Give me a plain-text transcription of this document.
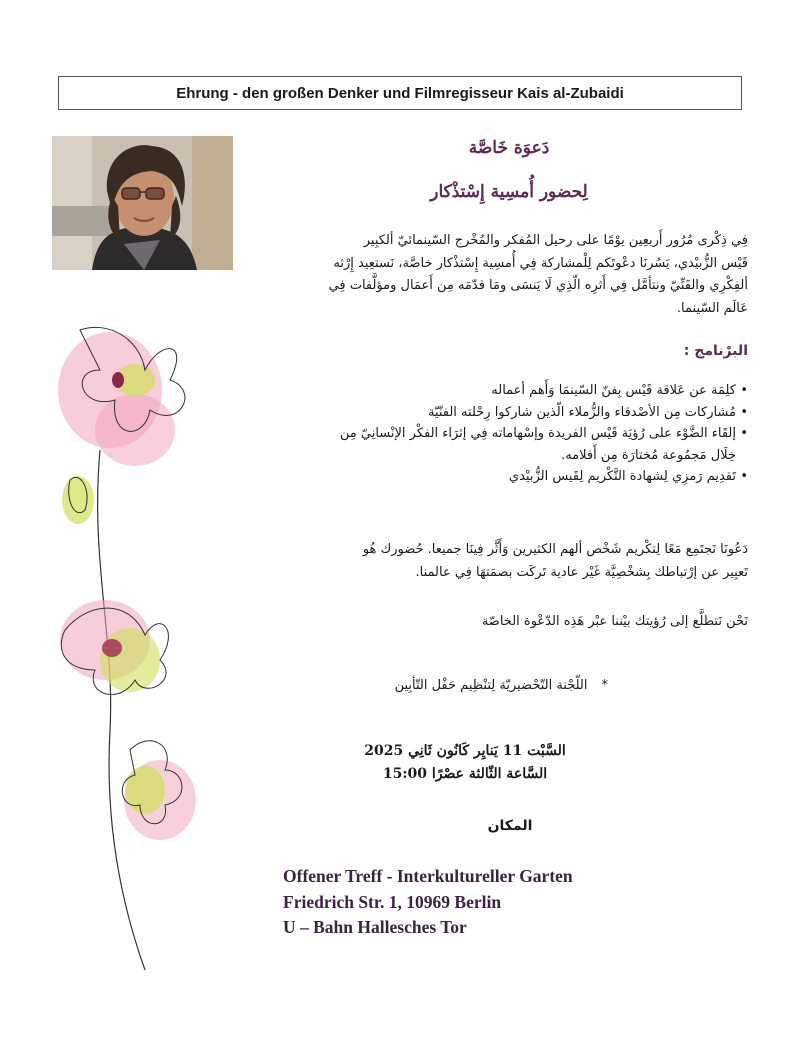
Ehrung - den großen Denker und Filmregisseur Kais al-Zubaidi
دَعوَة خَاصَّة
لِحضور أُمسِية إِسْتذْكار
فِي ذِكْرى مُرُور أَربعِين يوْمًا على رحيل المُفكر والمُخْرج السّينمائيّ ألكبِير
قَيْس الزُّبيْدي، يَسُرنَا دعْوتَكم لِلْمشاركة فِي أُمسِية إِسْتذْكار خاصَّة، نَستعِيد إِرْثه
ألفِكْرِي والفَنِّيّ ونتأمَّل فِي أَثرِه الّذِي لَا يَنسَى ومَا قدّمَه مِن أَعمَال ومؤلَّفات فِي
عَالَم السّينما.
البرْنامج :
•
كلِمَة عن عَلاقة قَيْس بِفنّ السّينمَا وَأَهم أعماله
•
مُشاركات مِن الأصْدقاء والزُّملاء الّذين شاركوا رِحْلته الفنّيّة
•
إلقَاء الضَّوْء على رُؤيَة قَيْس الفريدة وإسْهاماته فِي إثرَاء الفكْر الإنْسانِيّ مِن
خِلَال مَجمُوعة مُختارَة مِن أَفلامه.
•
تَقدِيم رَمزِي لِشهادة التَّكْريم لِقَيس الزُّبيْدي
دَعُونَا نَجتَمِع مَعًا لِتكْريم شَخْص ألهم الكثيرين وَأَثَّر فِينَا جميعا. حُضورك هُو
تَعبِير عن إرْتباطك بِشخْصِيَّة غَيْر عادية تَركَت بصمَتهَا فِي عالمنا.
نَحْن نَتطلَّع إلى رُؤيتك بيْننا عبْر هَذِه الدّعْوة الخاصّة
*اللّجْنة التّحْضيريّة لِتنْظِيم حَفْل التّأبِين
السَّبْت 11 يَنايِر كَانُون ثَانِي 2025
السَّاعة الثّالثة عصْرًا 15:00
المكان
Offener Treff - Interkultureller Garten
Friedrich Str. 1, 10969 Berlin
U – Bahn Hallesches Tor
